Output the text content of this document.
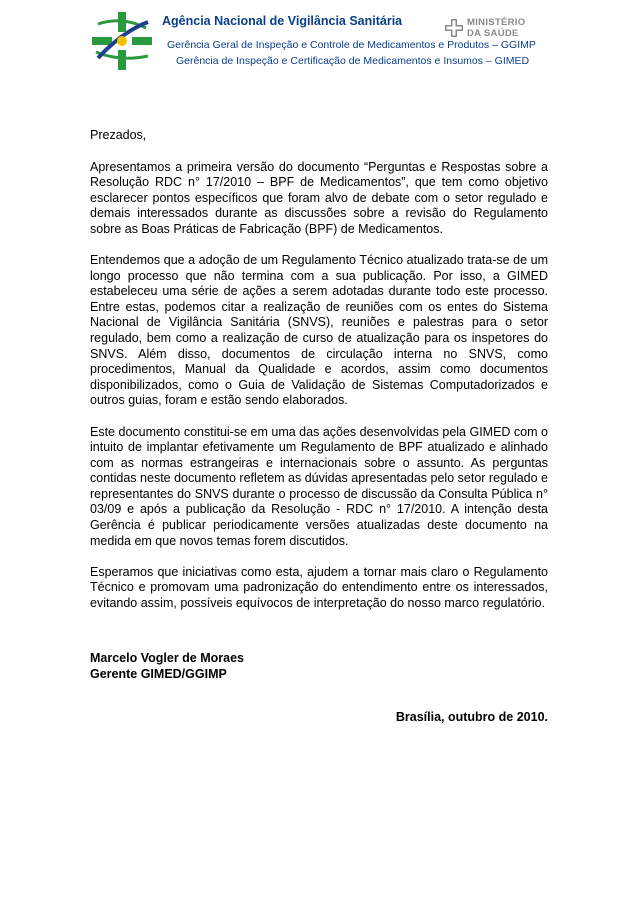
Agência Nacional de Vigilância Sanitária
Gerência Geral de Inspeção e Controle de Medicamentos e Produtos – GGIMP
Gerência de Inspeção e Certificação de Medicamentos e Insumos – GIMED
MINISTÉRIO
DA SAÚDE

Prezados,

Apresentamos a primeira versão do documento “Perguntas e Respostas sobre a Resolução RDC n° 17/2010 – BPF de Medicamentos”, que tem como objetivo esclarecer pontos específicos que foram alvo de debate com o setor regulado e demais interessados durante as discussões sobre a revisão do Regulamento sobre as Boas Práticas de Fabricação (BPF) de Medicamentos.

Entendemos que a adoção de um Regulamento Técnico atualizado trata-se de um longo processo que não termina com a sua publicação. Por isso, a GIMED estabeleceu uma série de ações a serem adotadas durante todo este processo. Entre estas, podemos citar a realização de reuniões com os entes do Sistema Nacional de Vigilância Sanitária (SNVS), reuniões e palestras para o setor regulado, bem como a realização de curso de atualização para os inspetores do SNVS. Além disso, documentos de circulação interna no SNVS, como procedimentos, Manual da Qualidade e acordos, assim como documentos disponibilizados, como o Guia de Validação de Sistemas Computadorizados e outros guias, foram e estão sendo elaborados.

Este documento constitui-se em uma das ações desenvolvidas pela GIMED com o intuito de implantar efetivamente um Regulamento de BPF atualizado e alinhado com as normas estrangeiras e internacionais sobre o assunto. As perguntas contidas neste documento refletem as dúvidas apresentadas pelo setor regulado e representantes do SNVS durante o processo de discussão da Consulta Pública n° 03/09 e após a publicação da Resolução - RDC n° 17/2010. A intenção desta Gerência é publicar periodicamente versões atualizadas deste documento na medida em que novos temas forem discutidos.

Esperamos que iniciativas como esta, ajudem a tornar mais claro o Regulamento Técnico e promovam uma padronização do entendimento entre os interessados, evitando assim, possíveis equívocos de interpretação do nosso marco regulatório.

Marcelo Vogler de Moraes
Gerente GIMED/GGIMP
Brasília, outubro de 2010.
